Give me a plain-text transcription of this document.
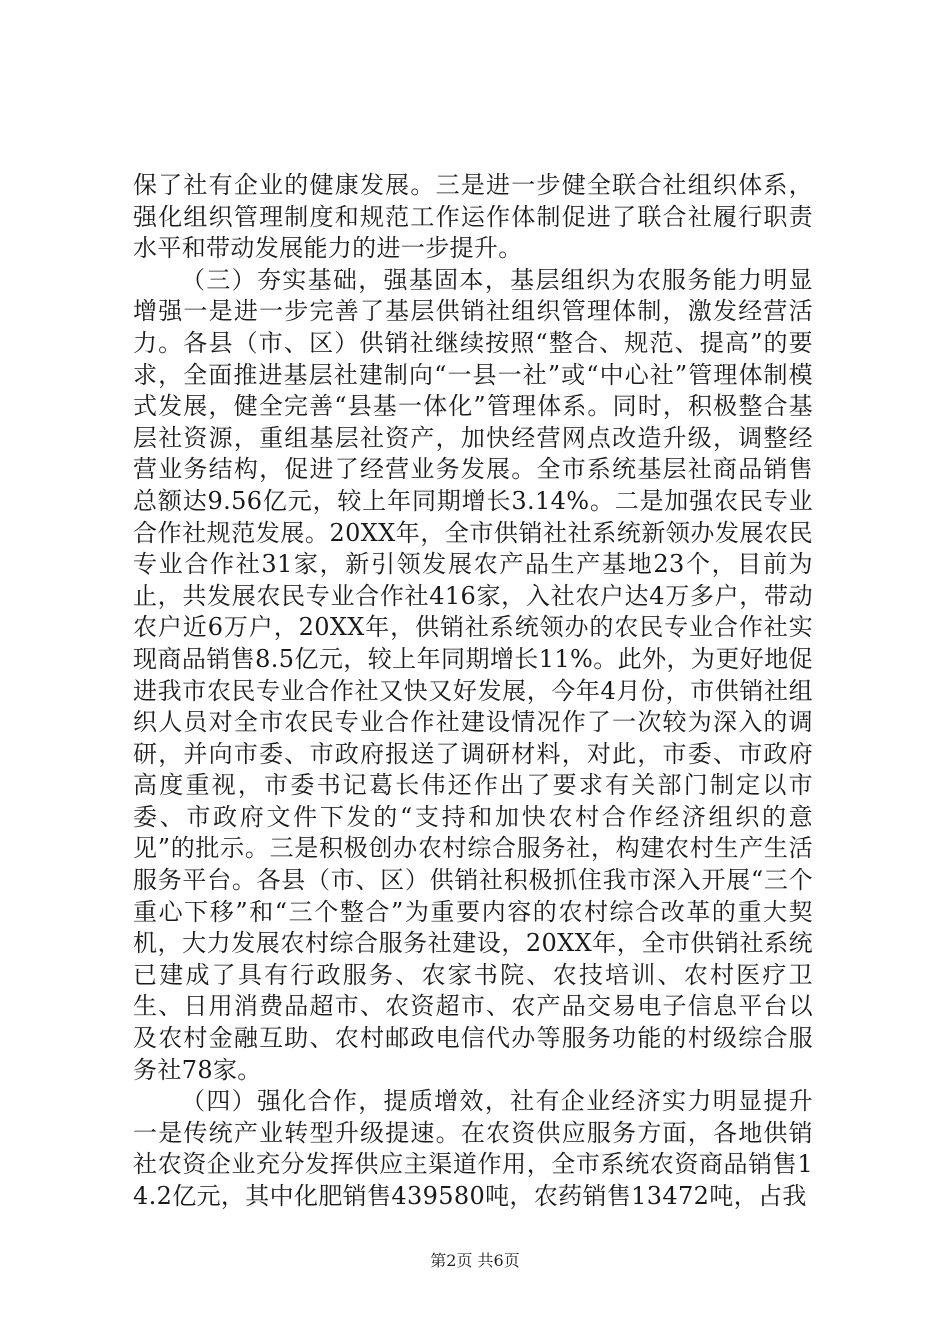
保了社有企业的健康发展。三是进一步健全联合社组织体系，强化组织管理制度和规范工作运作体制促进了联合社履行职责水平和带动发展能力的进一步提升。

（三）夯实基础，强基固本，基层组织为农服务能力明显增强一是进一步完善了基层供销社组织管理体制，激发经营活力。各县（市、区）供销社继续按照“整合、规范、提高”的要求，全面推进基层社建制向“一县一社”或“中心社”管理体制模式发展，健全完善“县基一体化”管理体系。同时，积极整合基层社资源，重组基层社资产，加快经营网点改造升级，调整经营业务结构，促进了经营业务发展。全市系统基层社商品销售总额达9.56亿元，较上年同期增长3.14%。二是加强农民专业合作社规范发展。20XX年，全市供销社社系统新领办发展农民专业合作社31家，新引领发展农产品生产基地23个，目前为止，共发展农民专业合作社416家，入社农户达4万多户，带动农户近6万户，20XX年，供销社系统领办的农民专业合作社实现商品销售8.5亿元，较上年同期增长11%。此外，为更好地促进我市农民专业合作社又快又好发展，今年4月份，市供销社组织人员对全市农民专业合作社建设情况作了一次较为深入的调研，并向市委、市政府报送了调研材料，对此，市委、市政府高度重视，市委书记葛长伟还作出了要求有关部门制定以市委、市政府文件下发的“支持和加快农村合作经济组织的意见”的批示。三是积极创办农村综合服务社，构建农村生产生活服务平台。各县（市、区）供销社积极抓住我市深入开展“三个重心下移”和“三个整合”为重要内容的农村综合改革的重大契机，大力发展农村综合服务社建设，20XX年，全市供销社系统已建成了具有行政服务、农家书院、农技培训、农村医疗卫生、日用消费品超市、农资超市、农产品交易电子信息平台以及农村金融互助、农村邮政电信代办等服务功能的村级综合服务社78家。

（四）强化合作，提质增效，社有企业经济实力明显提升一是传统产业转型升级提速。在农资供应服务方面，各地供销社农资企业充分发挥供应主渠道作用，全市系统农资商品销售14.2亿元，其中化肥销售439580吨，农药销售13472吨，占我

第2页 共6页
